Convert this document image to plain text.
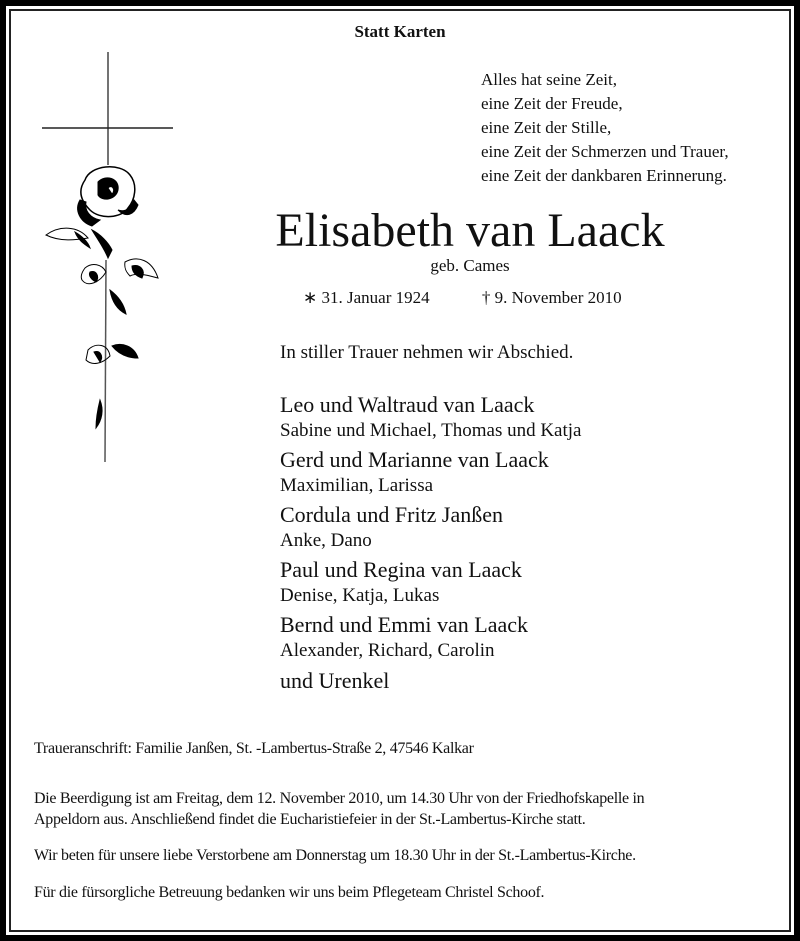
Statt Karten
Alles hat seine Zeit,
eine Zeit der Freude,
eine Zeit der Stille,
eine Zeit der Schmerzen und Trauer,
eine Zeit der dankbaren Erinnerung.
Elisabeth van Laack
geb. Cames
∗ 31. Januar 1924	† 9. November 2010
In stiller Trauer nehmen wir Abschied.
Leo und Waltraud van Laack
Sabine und Michael, Thomas und Katja
Gerd und Marianne van Laack
Maximilian, Larissa
Cordula und Fritz Janßen
Anke, Dano
Paul und Regina van Laack
Denise, Katja, Lukas
Bernd und Emmi van Laack
Alexander, Richard, Carolin
und Urenkel
Traueranschrift: Familie Janßen, St. -Lambertus-Straße 2, 47546 Kalkar
Die Beerdigung ist am Freitag, dem 12. November 2010, um 14.30 Uhr von der Friedhofskapelle in
Appeldorn aus. Anschließend findet die Eucharistiefeier in der St.-Lambertus-Kirche statt.
Wir beten für unsere liebe Verstorbene am Donnerstag um 18.30 Uhr in der St.-Lambertus-Kirche.
Für die fürsorgliche Betreuung bedanken wir uns beim Pflegeteam Christel Schoof.
